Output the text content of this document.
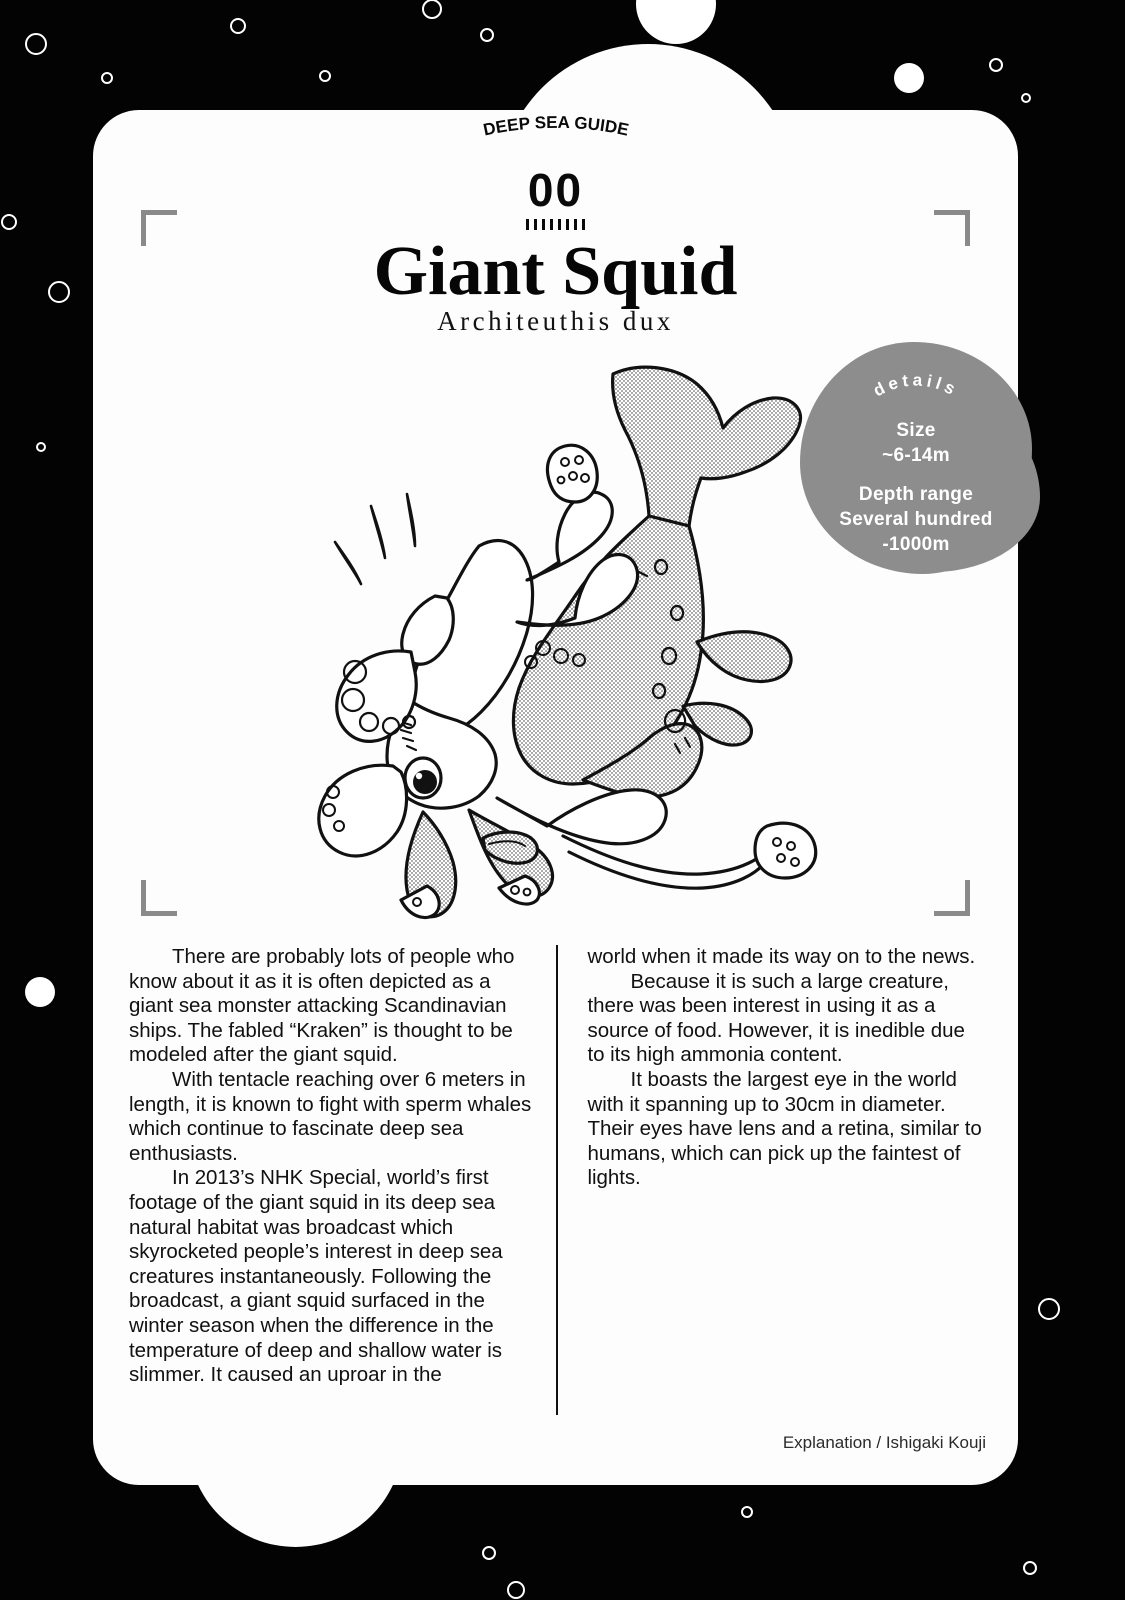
DEEP SEA GUIDE
00
Giant Squid
Architeuthis dux
details
Size
~6-14m
Depth range
Several hundred
-1000m

There are probably lots of people who know about it as it is often depicted as a giant sea monster attacking Scandinavian ships. The fabled “Kraken” is thought to be modeled after the giant squid.

With tentacle reaching over 6 meters in length, it is known to fight with sperm whales which continue to fascinate deep sea enthusiasts.

In 2013’s NHK Special, world’s first footage of the giant squid in its deep sea natural habitat was broadcast which skyrocketed people’s interest in deep sea creatures instantaneously. Following the broadcast, a giant squid surfaced in the winter season when the difference in the temperature of deep and shallow water is slimmer. It caused an uproar in the

world when it made its way on to the news.

Because it is such a large creature, there was been interest in using it as a source of food. However, it is inedible due to its high ammonia content.

It boasts the largest eye in the world with it spanning up to 30cm in diameter. Their eyes have lens and a retina, similar to humans, which can pick up the faintest of lights.

Explanation / Ishigaki Kouji
